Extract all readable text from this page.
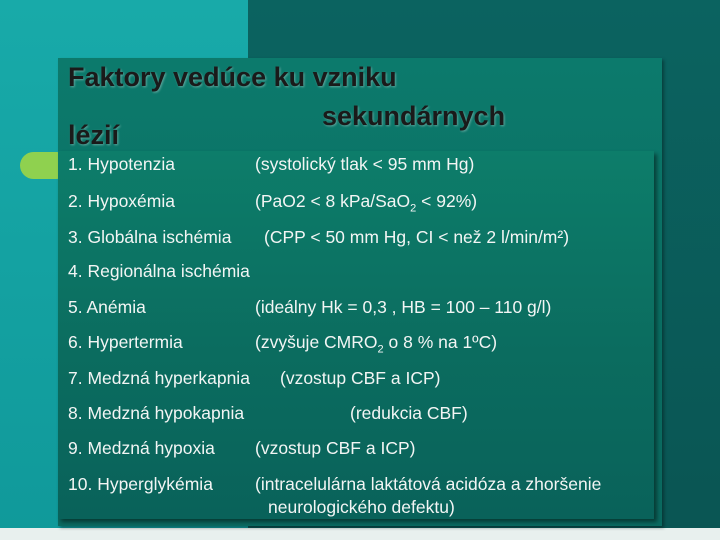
Faktory vedúce ku vzniku
sekundárnych
lézií
1. Hypotenzia	(systolický tlak < 95 mm Hg)
2. Hypoxémia	(PaO2 < 8 kPa/SaO$_2$ < 92%)
3. Globálna ischémia (CPP < 50 mm Hg, CI < než 2 l/min/m²)
4. Regionálna ischémia
5. Anémia	(ideálny Hk = 0,3 , HB = 100 – 110 g/l)
6. Hypertermia	(zvyšuje $CMRO_2$ o 8 % na 1ºC)
7. Medzná hyperkapnia (vzostup CBF a ICP)
8. Medzná hypokapnia	(redukcia CBF)
9. Medzná hypoxia (vzostup CBF a ICP)
10. Hyperglykémia (intracelulárna laktátová acidóza a zhoršenie
neurologického defektu)
